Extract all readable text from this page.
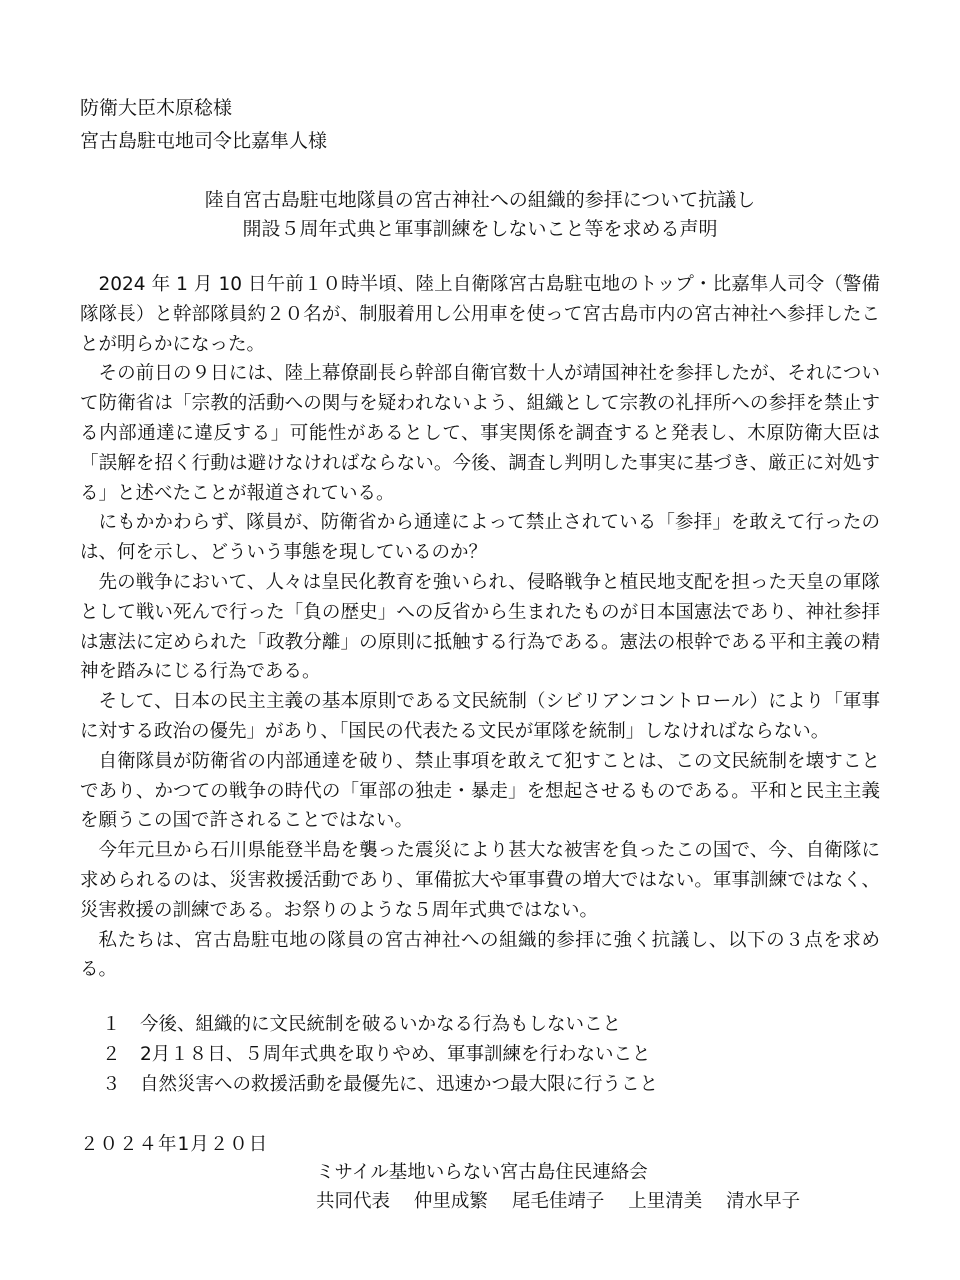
防衛大臣木原稔様
宮古島駐屯地司令比嘉隼人様
陸自宮古島駐屯地隊員の宮古神社への組織的参拝について抗議し
開設５周年式典と軍事訓練をしないこと等を求める声明

2024 年 1 月 10 日午前１０時半頃、陸上自衛隊宮古島駐屯地のトップ・比嘉隼人司令（警備隊隊長）と幹部隊員約２０名が、制服着用し公用車を使って宮古島市内の宮古神社へ参拝したことが明らかになった。

その前日の９日には、陸上幕僚副長ら幹部自衛官数十人が靖国神社を参拝したが、それについて防衛省は「宗教的活動への関与を疑われないよう、組織として宗教の礼拝所への参拝を禁止する内部通達に違反する」可能性があるとして、事実関係を調査すると発表し、木原防衛大臣は「誤解を招く行動は避けなければならない。今後、調査し判明した事実に基づき、厳正に対処する」と述べたことが報道されている。

にもかかわらず、隊員が、防衛省から通達によって禁止されている「参拝」を敢えて行ったのは、何を示し、どういう事態を現しているのか？

先の戦争において、人々は皇民化教育を強いられ、侵略戦争と植民地支配を担った天皇の軍隊として戦い死んで行った「負の歴史」への反省から生まれたものが日本国憲法であり、神社参拝は憲法に定められた「政教分離」の原則に抵触する行為である。憲法の根幹である平和主義の精神を踏みにじる行為である。

そして、日本の民主主義の基本原則である文民統制（シビリアンコントロール）により「軍事に対する政治の優先」があり、「国民の代表たる文民が軍隊を統制」しなければならない。

自衛隊員が防衛省の内部通達を破り、禁止事項を敢えて犯すことは、この文民統制を壊すことであり、かつての戦争の時代の「軍部の独走・暴走」を想起させるものである。平和と民主主義を願うこの国で許されることではない。

今年元旦から石川県能登半島を襲った震災により甚大な被害を負ったこの国で、今、自衛隊に求められるのは、災害救援活動であり、軍備拡大や軍事費の増大ではない。軍事訓練ではなく、災害救援の訓練である。お祭りのような５周年式典ではない。

私たちは、宮古島駐屯地の隊員の宮古神社への組織的参拝に強く抗議し、以下の３点を求める。

１ 今後、組織的に文民統制を破るいかなる行為もしないこと
２ 2月１８日、５周年式典を取りやめ、軍事訓練を行わないこと
３ 自然災害への救援活動を最優先に、迅速かつ最大限に行うこと
２０２４年1月２０日
ミサイル基地いらない宮古島住民連絡会
共同代表 仲里成繁 尾毛佳靖子 上里清美 清水早子
